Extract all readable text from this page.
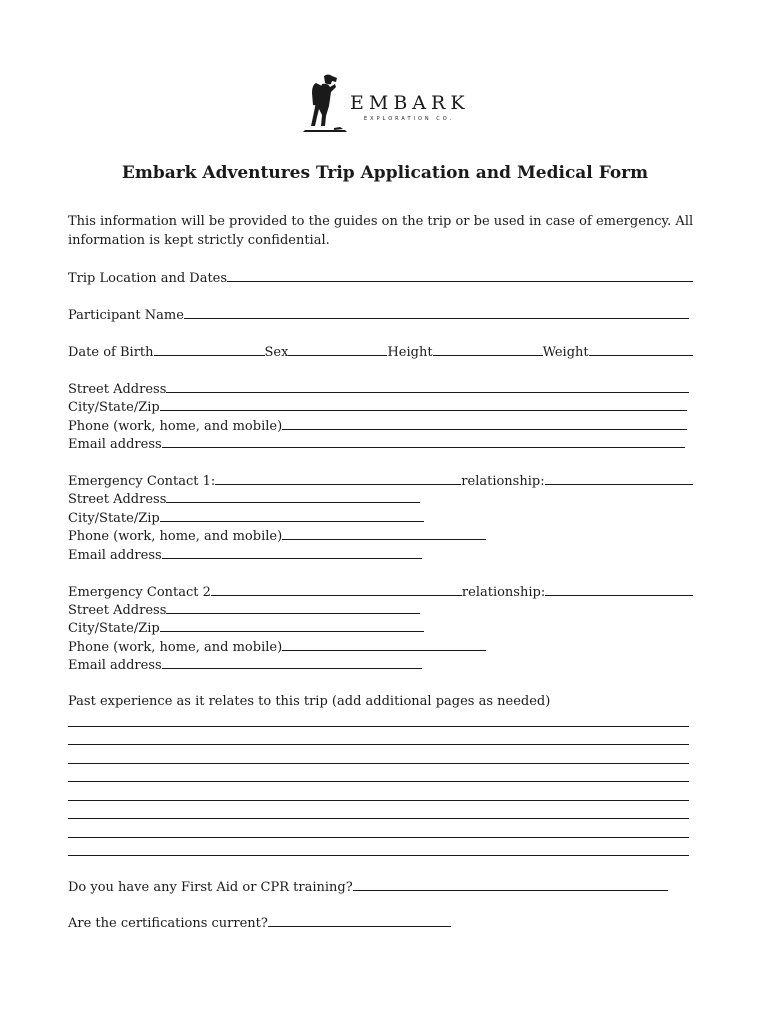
EMBARK
EXPLORATION CO.
Embark Adventures Trip Application and Medical Form
This information will be provided to the guides on the trip or be used in case of emergency. All information is kept strictly confidential.
Trip Location and Dates
Participant Name
Date of Birth	Sex	Height	Weight
Street Address
City/State/Zip
Phone (work, home, and mobile)
Email address
Emergency Contact 1:	relationship:
Street Address
City/State/Zip
Phone (work, home, and mobile)
Email address
Emergency Contact 2	relationship:
Street Address
City/State/Zip
Phone (work, home, and mobile)
Email address
Past experience as it relates to this trip (add additional pages as needed)
Do you have any First Aid or CPR training?
Are the certifications current?
